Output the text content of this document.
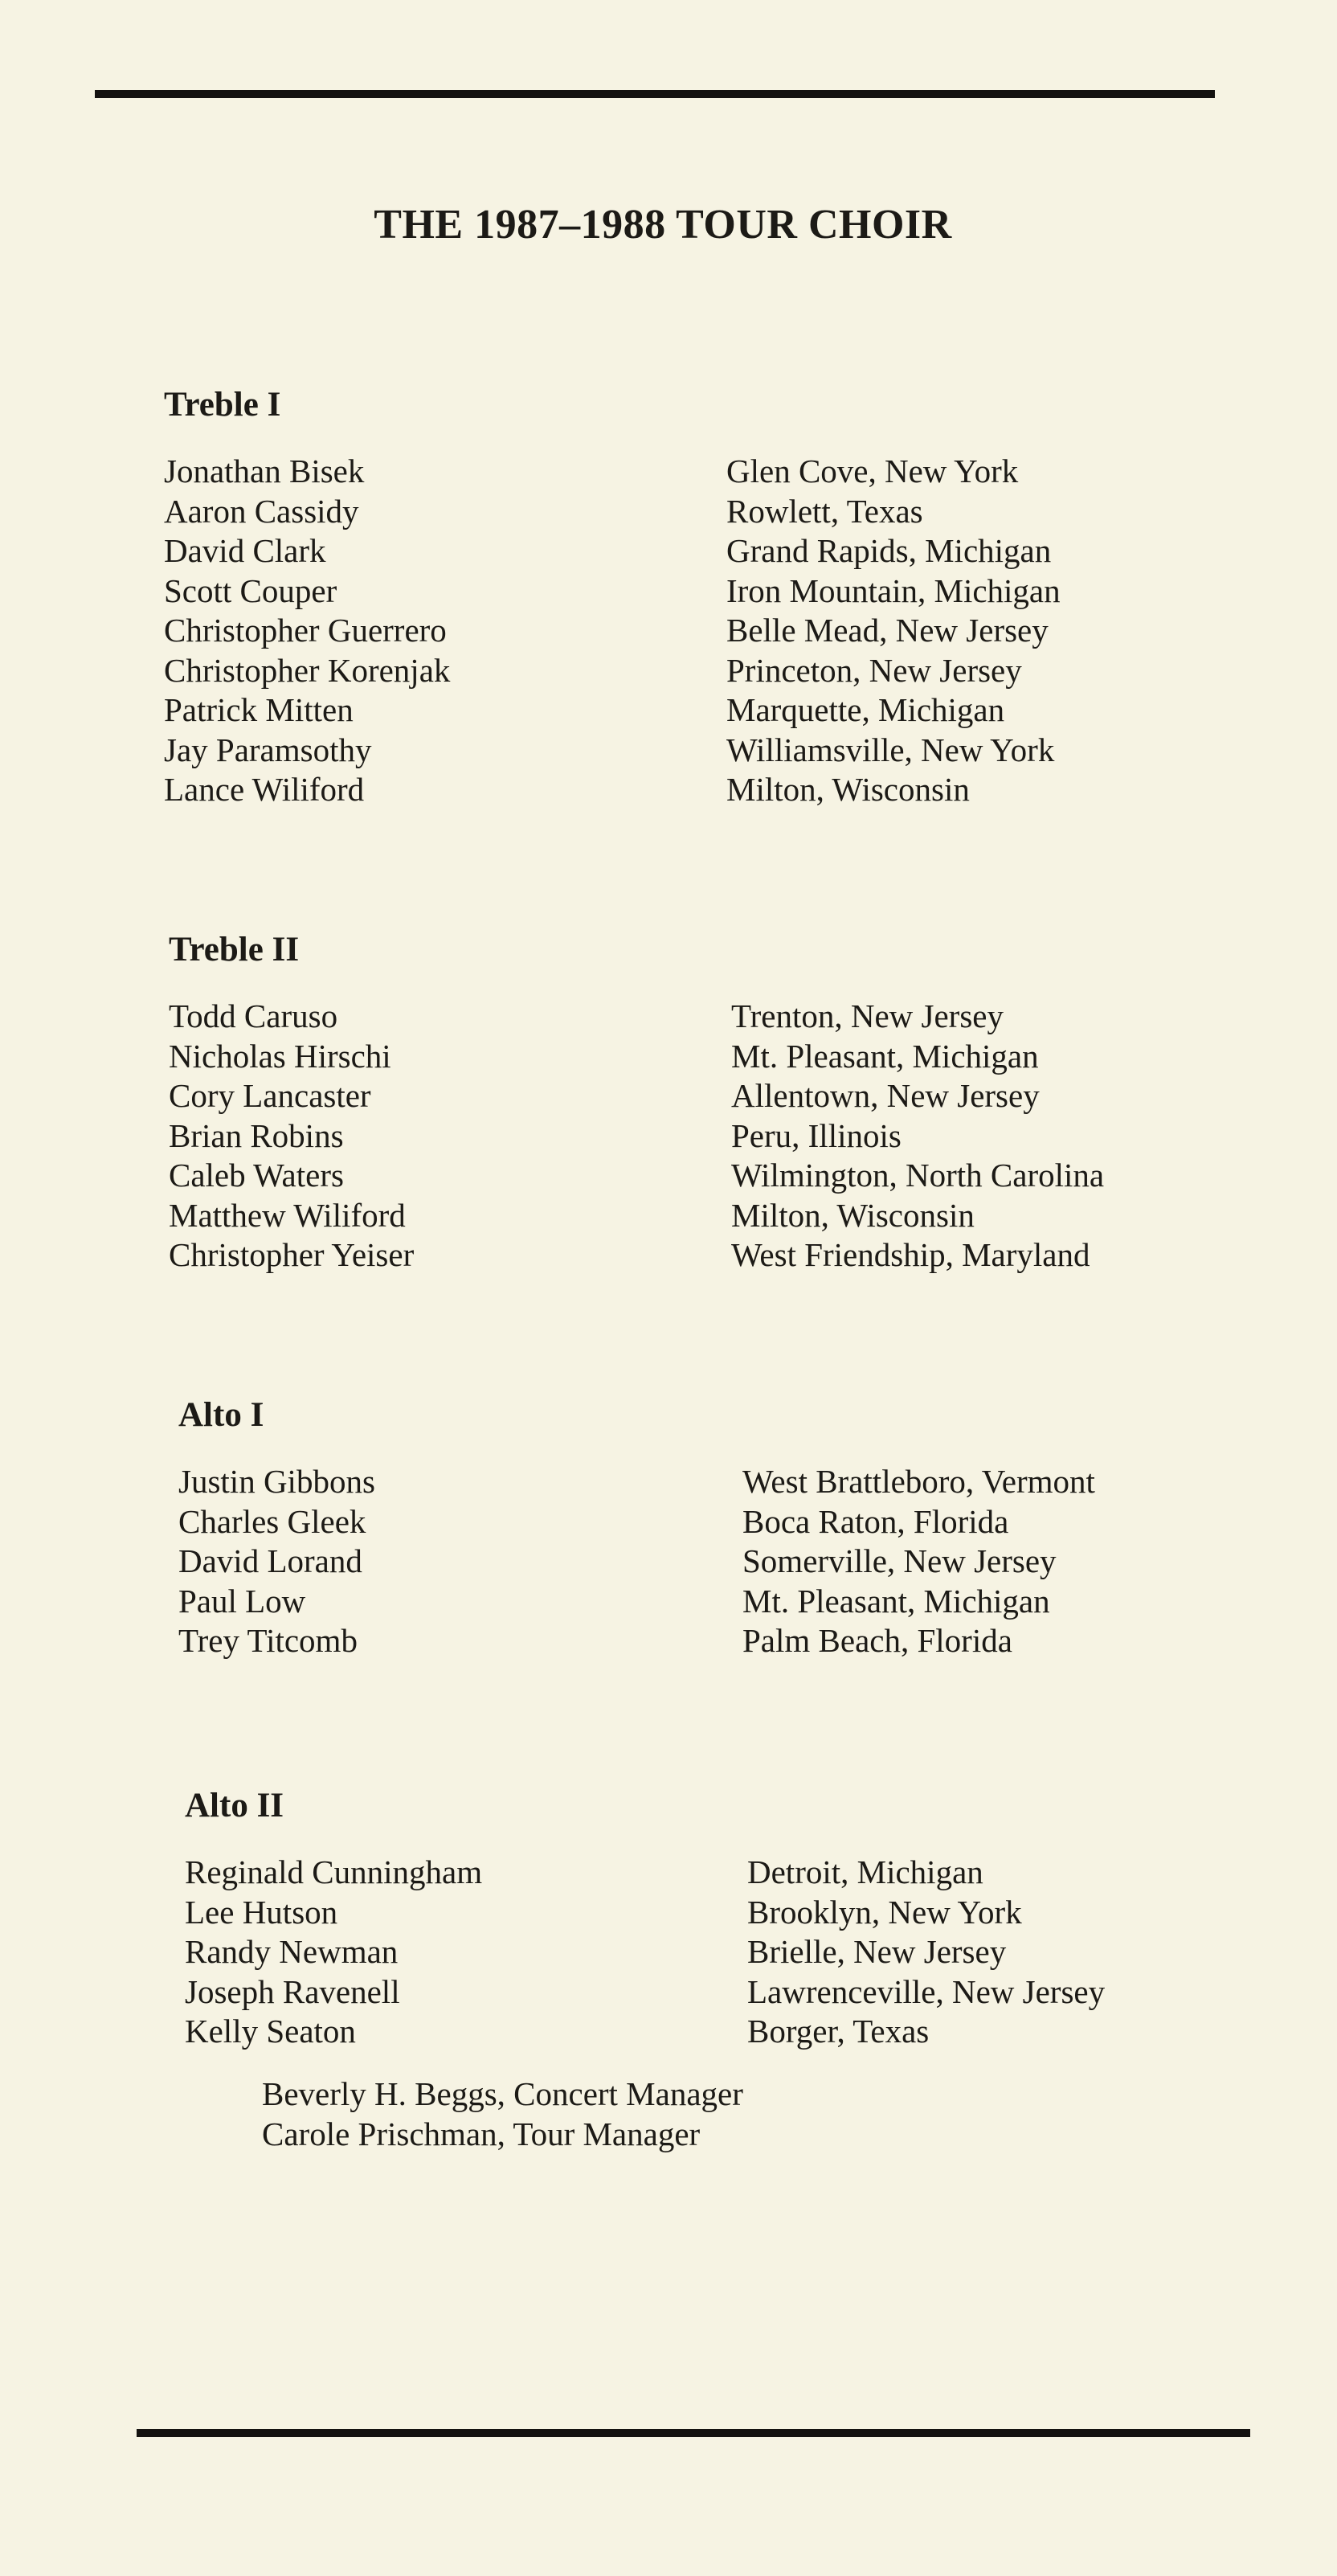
THE 1987–1988 TOUR CHOIR
Treble I
Jonathan Bisek	Glen Cove, New York
Aaron Cassidy	Rowlett, Texas
David Clark	Grand Rapids, Michigan
Scott Couper	Iron Mountain, Michigan
Christopher Guerrero	Belle Mead, New Jersey
Christopher Korenjak	Princeton, New Jersey
Patrick Mitten	Marquette, Michigan
Jay Paramsothy	Williamsville, New York
Lance Wiliford	Milton, Wisconsin
Treble II
Todd Caruso	Trenton, New Jersey
Nicholas Hirschi	Mt. Pleasant, Michigan
Cory Lancaster	Allentown, New Jersey
Brian Robins	Peru, Illinois
Caleb Waters	Wilmington, North Carolina
Matthew Wiliford	Milton, Wisconsin
Christopher Yeiser	West Friendship, Maryland
Alto I
Justin Gibbons	West Brattleboro, Vermont
Charles Gleek	Boca Raton, Florida
David Lorand	Somerville, New Jersey
Paul Low	Mt. Pleasant, Michigan
Trey Titcomb	Palm Beach, Florida
Alto II
Reginald Cunningham	Detroit, Michigan
Lee Hutson	Brooklyn, New York
Randy Newman	Brielle, New Jersey
Joseph Ravenell	Lawrenceville, New Jersey
Kelly Seaton	Borger, Texas
Beverly H. Beggs, Concert Manager
Carole Prischman, Tour Manager
